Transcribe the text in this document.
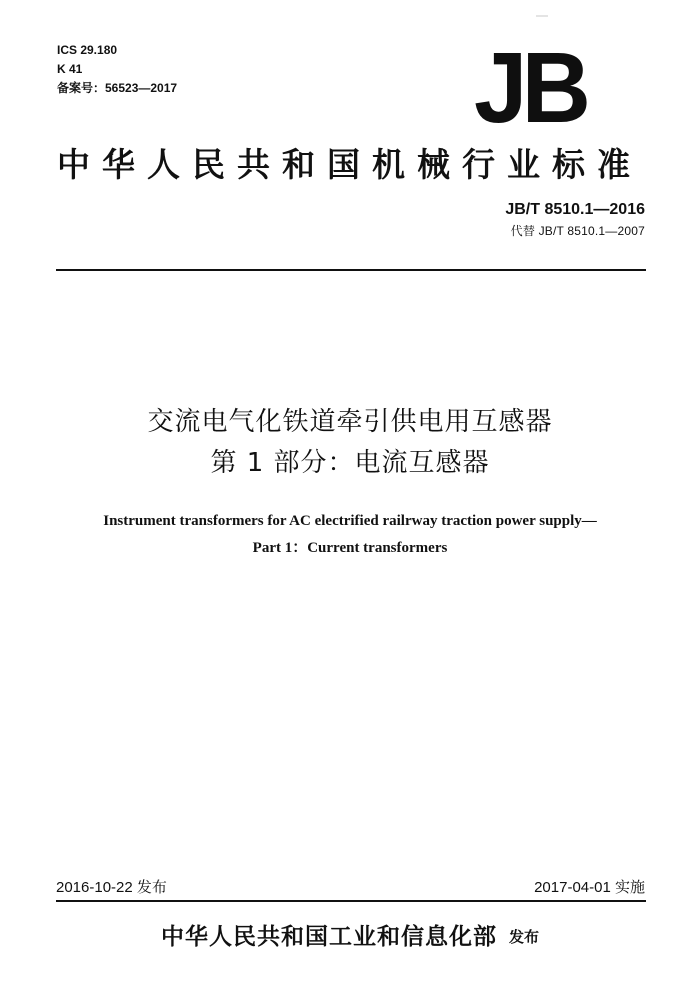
ICS 29.180
K 41
备案号：56523—2017	JB
中华人民共和国机械行业标准
JB/T 8510.1—2016
代替 JB/T 8510.1—2007
交流电气化铁道牵引供电用互感器
第 1 部分：电流互感器
Instrument transformers for AC electrified railrway traction power supply—
Part 1：Current transformers
2016-10-22 发布	2017-04-01 实施
中华人民共和国工业和信息化部 发布
